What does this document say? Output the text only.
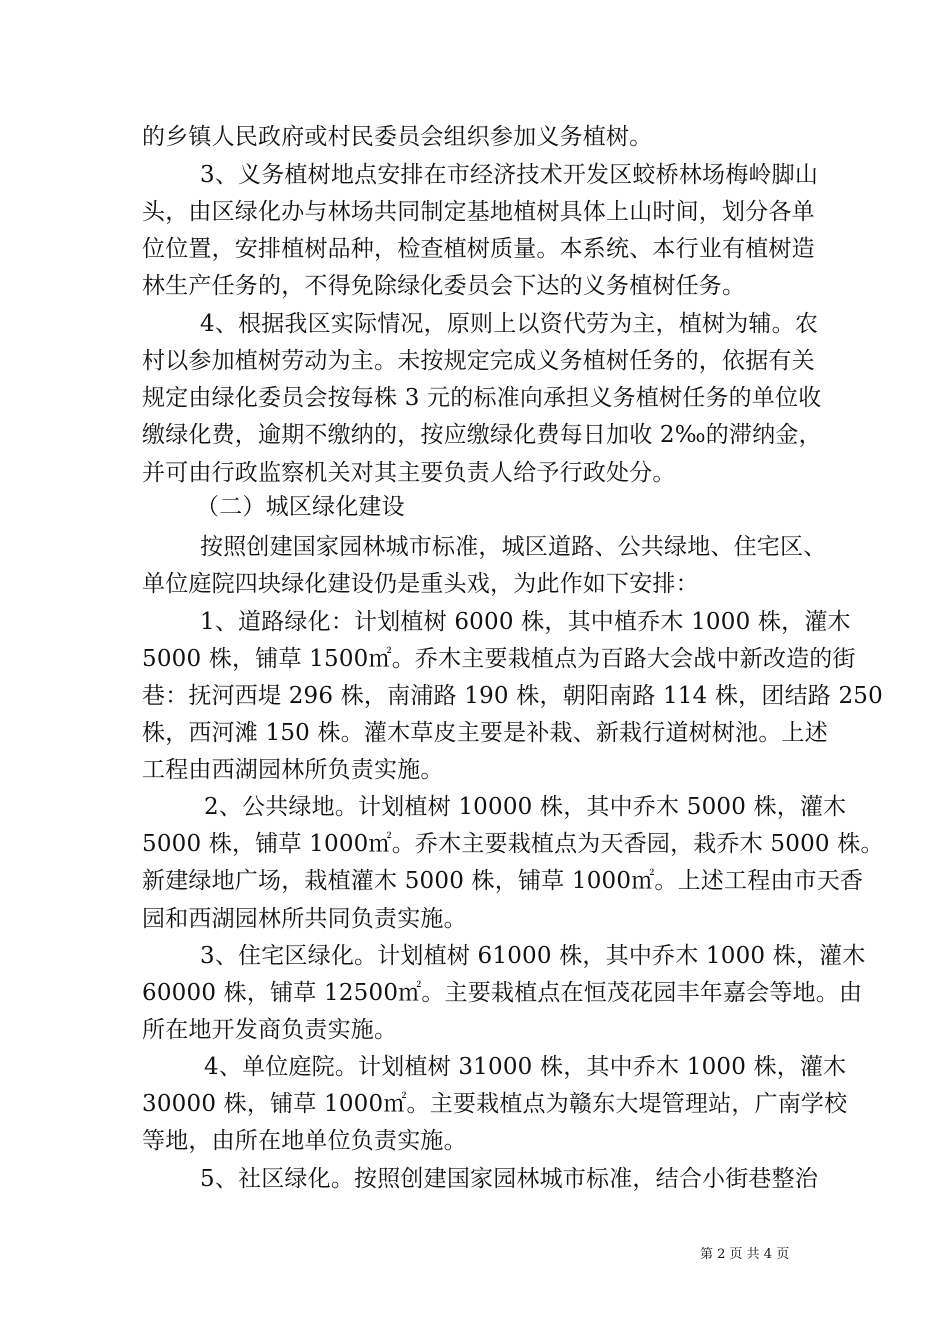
的乡镇人民政府或村民委员会组织参加义务植树。
3、义务植树地点安排在市经济技术开发区蛟桥林场梅岭脚山
头，由区绿化办与林场共同制定基地植树具体上山时间，划分各单
位位置，安排植树品种，检查植树质量。本系统、本行业有植树造
林生产任务的，不得免除绿化委员会下达的义务植树任务。
4、根据我区实际情况，原则上以资代劳为主，植树为辅。农
村以参加植树劳动为主。未按规定完成义务植树任务的，依据有关
规定由绿化委员会按每株 3 元的标准向承担义务植树任务的单位收
缴绿化费，逾期不缴纳的，按应缴绿化费每日加收 2‰的滞纳金，
并可由行政监察机关对其主要负责人给予行政处分。
（二）城区绿化建设
按照创建国家园林城市标准，城区道路、公共绿地、住宅区、
单位庭院四块绿化建设仍是重头戏，为此作如下安排：
1、道路绿化：计划植树 6000 株，其中植乔木 1000 株，灌木
5000 株，铺草 1500㎡。乔木主要栽植点为百路大会战中新改造的街
巷：抚河西堤 296 株，南浦路 190 株，朝阳南路 114 株，团结路 250
株，西河滩 150 株。灌木草皮主要是补栽、新栽行道树树池。上述
工程由西湖园林所负责实施。
2、公共绿地。计划植树 10000 株，其中乔木 5000 株，灌木
5000 株，铺草 1000㎡。乔木主要栽植点为天香园，栽乔木 5000 株。
新建绿地广场，栽植灌木 5000 株，铺草 1000㎡。上述工程由市天香
园和西湖园林所共同负责实施。
3、住宅区绿化。计划植树 61000 株，其中乔木 1000 株，灌木
60000 株，铺草 12500㎡。主要栽植点在恒茂花园丰年嘉会等地。由
所在地开发商负责实施。
4、单位庭院。计划植树 31000 株，其中乔木 1000 株，灌木
30000 株，铺草 1000㎡。主要栽植点为赣东大堤管理站，广南学校
等地，由所在地单位负责实施。
5、社区绿化。按照创建国家园林城市标准，结合小街巷整治
第 2 页 共 4 页
